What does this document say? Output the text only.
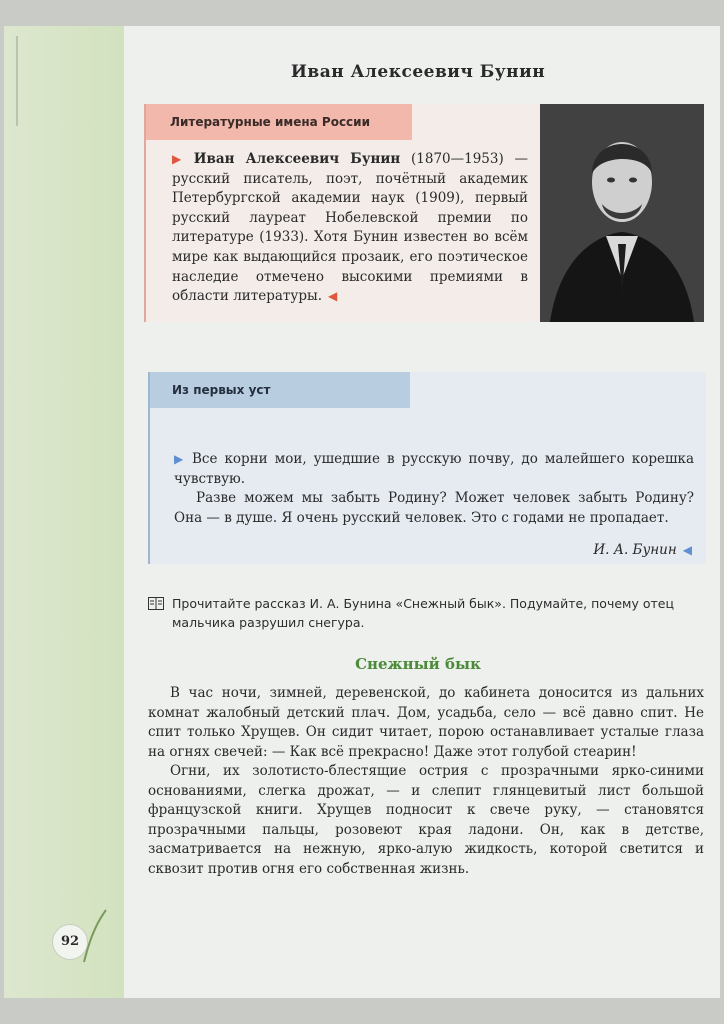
Иван Алексеевич Бунин
Литературные имена России
▶ Иван Алексеевич Бунин (1870—1953) — русский писатель, поэт, почётный академик Петербургской академии наук (1909), первый русский лауреат Нобелевской премии по литературе (1933). Хотя Бунин известен во всём мире как выдающийся прозаик, его поэтическое наследие отмечено высокими премиями в области литературы. ◀
Из первых уст

▶ Все корни мои, ушедшие в русскую почву, до малейшего корешка чувствую.

Разве можем мы забыть Родину? Может человек забыть Родину? Она — в душе. Я очень русский человек. Это с годами не пропадает.

И. А. Бунин ◀
Прочитайте рассказ И. А. Бунина «Снежный бык». Подумайте, почему отец мальчика разрушил снегура.
Снежный бык

В час ночи, зимней, деревенской, до кабинета доносится из дальних комнат жалобный детский плач. Дом, усадьба, село — всё давно спит. Не спит только Хрущев. Он сидит читает, порою останавливает усталые глаза на огнях свечей: — Как всё прекрасно! Даже этот голубой стеарин!

Огни, их золотисто-блестящие острия с прозрачными ярко-синими основаниями, слегка дрожат, — и слепит глянцевитый лист большой французской книги. Хрущев подносит к свече руку, — становятся прозрачными пальцы, розовеют края ладони. Он, как в детстве, засматривается на нежную, ярко-алую жидкость, которой светится и сквозит против огня его собственная жизнь.

92
